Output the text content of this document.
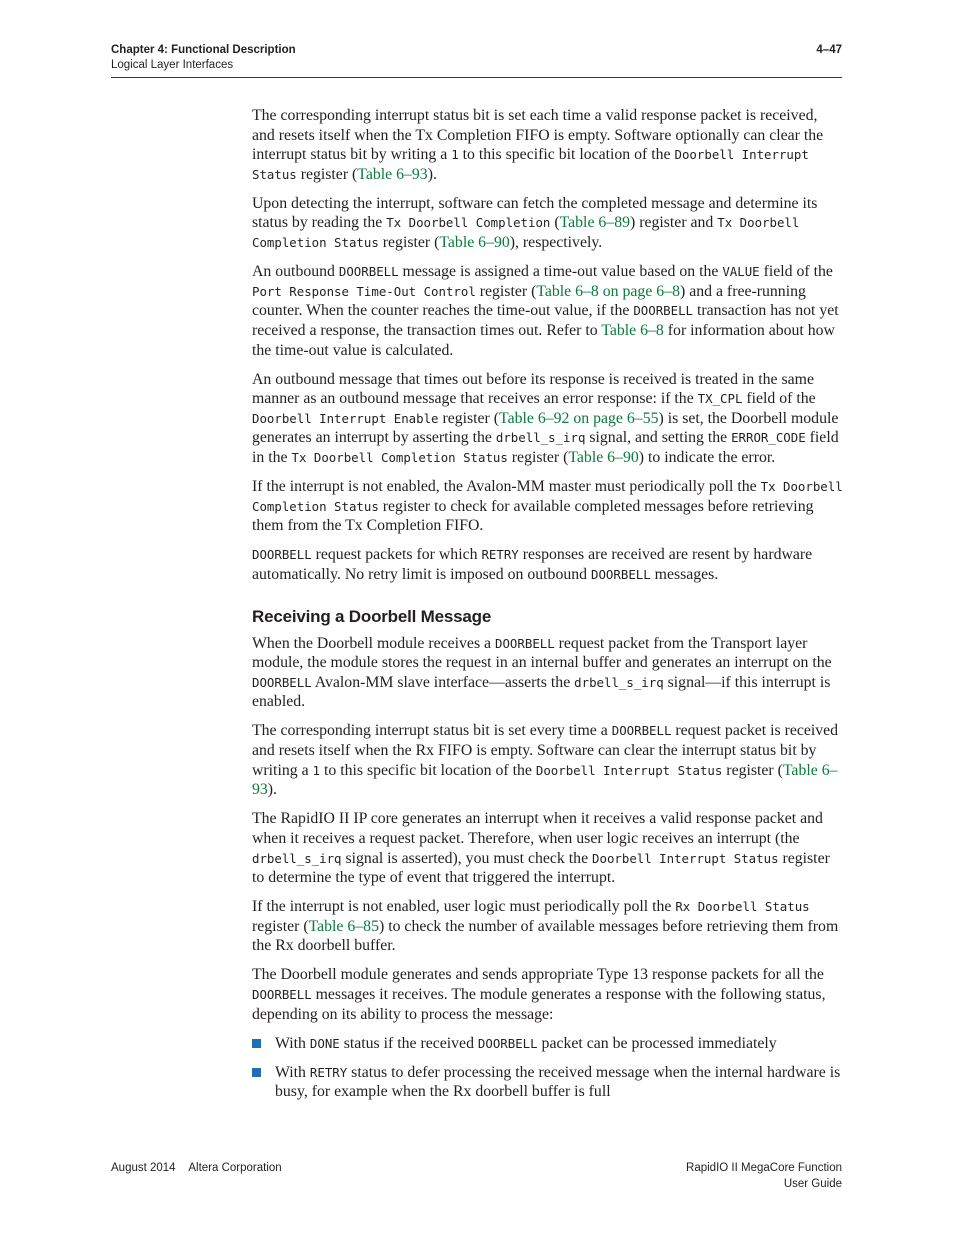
Chapter 4: Functional Description
Logical Layer Interfaces
4–47

The corresponding interrupt status bit is set each time a valid response packet is received, and resets itself when the Tx Completion FIFO is empty. Software optionally can clear the interrupt status bit by writing a 1 to this specific bit location of the Doorbell Interrupt Status register (Table 6–93).

Upon detecting the interrupt, software can fetch the completed message and determine its status by reading the Tx Doorbell Completion (Table 6–89) register and Tx Doorbell Completion Status register (Table 6–90), respectively.

An outbound DOORBELL message is assigned a time-out value based on the VALUE field of the Port Response Time-Out Control register (Table 6–8 on page 6–8) and a free-running counter. When the counter reaches the time-out value, if the DOORBELL transaction has not yet received a response, the transaction times out. Refer to Table 6–8 for information about how the time-out value is calculated.

An outbound message that times out before its response is received is treated in the same manner as an outbound message that receives an error response: if the TX_CPL field of the Doorbell Interrupt Enable register (Table 6–92 on page 6–55) is set, the Doorbell module generates an interrupt by asserting the drbell_s_irq signal, and setting the ERROR_CODE field in the Tx Doorbell Completion Status register (Table 6–90) to indicate the error.

If the interrupt is not enabled, the Avalon-MM master must periodically poll the Tx Doorbell Completion Status register to check for available completed messages before retrieving them from the Tx Completion FIFO.

DOORBELL request packets for which RETRY responses are received are resent by hardware automatically. No retry limit is imposed on outbound DOORBELL messages.

Receiving a Doorbell Message

When the Doorbell module receives a DOORBELL request packet from the Transport layer module, the module stores the request in an internal buffer and generates an interrupt on the DOORBELL Avalon-MM slave interface—asserts the drbell_s_irq signal—if this interrupt is enabled.

The corresponding interrupt status bit is set every time a DOORBELL request packet is received and resets itself when the Rx FIFO is empty. Software can clear the interrupt status bit by writing a 1 to this specific bit location of the Doorbell Interrupt Status register (Table 6–93).

The RapidIO II IP core generates an interrupt when it receives a valid response packet and when it receives a request packet. Therefore, when user logic receives an interrupt (the drbell_s_irq signal is asserted), you must check the Doorbell Interrupt Status register to determine the type of event that triggered the interrupt.

If the interrupt is not enabled, user logic must periodically poll the Rx Doorbell Status register (Table 6–85) to check the number of available messages before retrieving them from the Rx doorbell buffer.

The Doorbell module generates and sends appropriate Type 13 response packets for all the DOORBELL messages it receives. The module generates a response with the following status, depending on its ability to process the message:

With DONE status if the received DOORBELL packet can be processed immediately
With RETRY status to defer processing the received message when the internal hardware is busy, for example when the Rx doorbell buffer is full
August 2014 Altera Corporation	RapidIO II MegaCore Function
User Guide
